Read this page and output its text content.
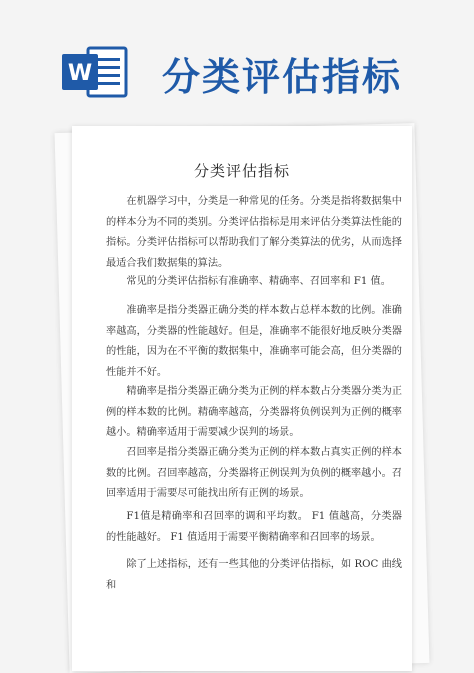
W 分类评估指标
分类评估指标

在机器学习中，分类是一种常见的任务。分类是指将数据集中的样本分为不同的类别。分类评估指标是用来评估分类算法性能的指标。分类评估指标可以帮助我们了解分类算法的优劣，从而选择最适合我们数据集的算法。

常见的分类评估指标有准确率、精确率、召回率和 F1 值。

准确率是指分类器正确分类的样本数占总样本数的比例。准确率越高，分类器的性能越好。但是，准确率不能很好地反映分类器的性能，因为在不平衡的数据集中，准确率可能会高，但分类器的性能并不好。

精确率是指分类器正确分类为正例的样本数占分类器分类为正例的样本数的比例。精确率越高，分类器将负例误判为正例的概率越小。精确率适用于需要减少误判的场景。

召回率是指分类器正确分类为正例的样本数占真实正例的样本数的比例。召回率越高，分类器将正例误判为负例的概率越小。召回率适用于需要尽可能找出所有正例的场景。

F1值是精确率和召回率的调和平均数。 F1 值越高，分类器的性能越好。 F1 值适用于需要平衡精确率和召回率的场景。

除了上述指标，还有一些其他的分类评估指标，如 ROC 曲线和
